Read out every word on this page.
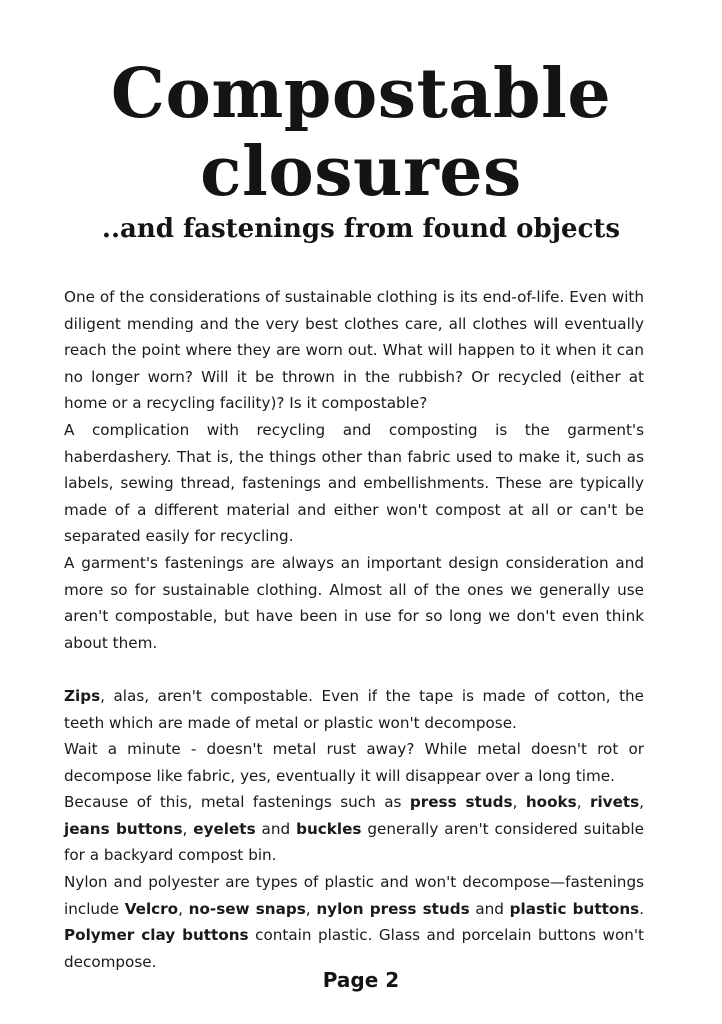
Compostable
closures
..and fastenings from found objects

One of the considerations of sustainable clothing is its end-of-life. Even with diligent mending and the very best clothes care, all clothes will eventually reach the point where they are worn out. What will happen to it when it can no longer worn? Will it be thrown in the rubbish? Or recycled (either at home or a recycling facility)? Is it compostable?

A complication with recycling and composting is the garment's haberdashery. That is, the things other than fabric used to make it, such as labels, sewing thread, fastenings and embellishments. These are typically made of a different material and either won't compost at all or can't be separated easily for recycling.

A garment's fastenings are always an important design consideration and more so for sustainable clothing. Almost all of the ones we generally use aren't compostable, but have been in use for so long we don't even think about them.

Zips, alas, aren't compostable. Even if the tape is made of cotton, the teeth which are made of metal or plastic won't decompose.

Wait a minute - doesn't metal rust away? While metal doesn't rot or decompose like fabric, yes, eventually it will disappear over a long time.

Because of this, metal fastenings such as press studs, hooks, rivets, jeans buttons, eyelets and buckles generally aren't considered suitable for a backyard compost bin.

Nylon and polyester are types of plastic and won't decompose—fastenings include Velcro, no-sew snaps, nylon press studs and plastic buttons. Polymer clay buttons contain plastic. Glass and porcelain buttons won't decompose.

Page 2
